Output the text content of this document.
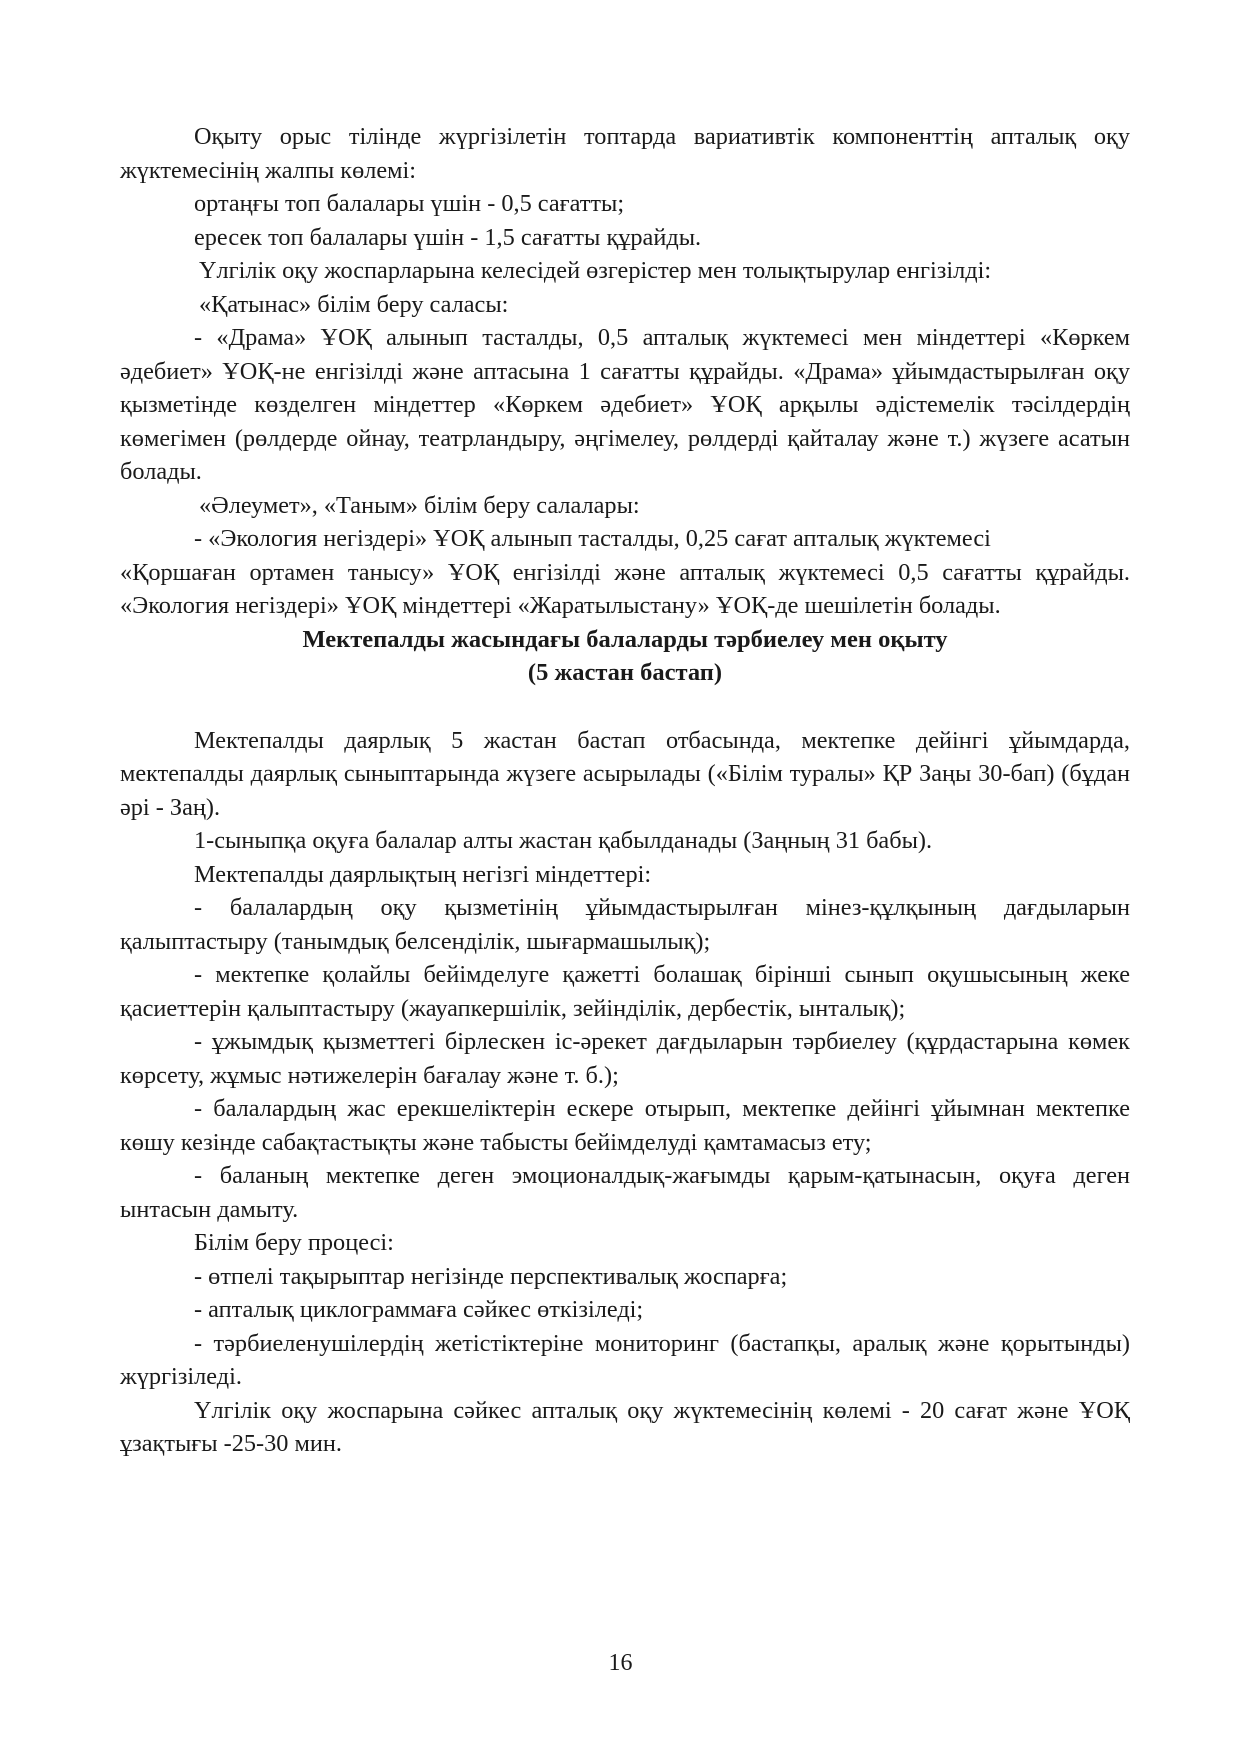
Оқыту орыс тілінде жүргізілетін топтарда вариативтік компоненттің апталық оқу жүктемесінің жалпы көлемі:

ортаңғы топ балалары үшін - 0,5 сағатты;

ересек топ балалары үшін - 1,5 сағатты құрайды.

Үлгілік оқу жоспарларына келесідей өзгерістер мен толықтырулар енгізілді:

«Қатынас» білім беру саласы:

- «Драма» ҰОҚ алынып тасталды, 0,5 апталық жүктемесі мен міндеттері «Көркем әдебиет» ҰОҚ-не енгізілді және аптасына 1 сағатты құрайды. «Драма» ұйымдастырылған оқу қызметінде көзделген міндеттер «Көркем әдебиет» ҰОҚ арқылы әдістемелік тәсілдердің көмегімен (рөлдерде ойнау, театрландыру, әңгімелеу, рөлдерді қайталау және т.) жүзеге асатын болады.

«Әлеумет», «Таным» білім беру салалары:

- «Экология негіздері» ҰОҚ алынып тасталды, 0,25 сағат апталық жүктемесі

«Қоршаған ортамен танысу» ҰОҚ енгізілді және апталық жүктемесі 0,5 сағатты құрайды. «Экология негіздері» ҰОҚ міндеттері «Жаратылыстану» ҰОҚ-де шешілетін болады.

Мектепалды жасындағы балаларды тәрбиелеу мен оқыту

(5 жастан бастап)

Мектепалды даярлық 5 жастан бастап отбасында, мектепке дейінгі ұйымдарда, мектепалды даярлық сыныптарында жүзеге асырылады («Білім туралы» ҚР Заңы 30-бап) (бұдан әрі - Заң).

1-сыныпқа оқуға балалар алты жастан қабылданады (Заңның 31 бабы).

Мектепалды даярлықтың негізгі міндеттері:

- балалардың оқу қызметінің ұйымдастырылған мінез-құлқының дағдыларын қалыптастыру (танымдық белсенділік, шығармашылық);

- мектепке қолайлы бейімделуге қажетті болашақ бірінші сынып оқушысының жеке қасиеттерін қалыптастыру (жауапкершілік, зейінділік, дербестік, ынталық);

- ұжымдық қызметтегі бірлескен іс-әрекет дағдыларын тәрбиелеу (құрдастарына көмек көрсету, жұмыс нәтижелерін бағалау және т. б.);

- балалардың жас ерекшеліктерін ескере отырып, мектепке дейінгі ұйымнан мектепке көшу кезінде сабақтастықты және табысты бейімделуді қамтамасыз ету;

- баланың мектепке деген эмоционалдық-жағымды қарым-қатынасын, оқуға деген ынтасын дамыту.

Білім беру процесі:

- өтпелі тақырыптар негізінде перспективалық жоспарға;

- апталық циклограммаға сәйкес өткізіледі;

- тәрбиеленушілердің жетістіктеріне мониторинг (бастапқы, аралық және қорытынды) жүргізіледі.

Үлгілік оқу жоспарына сәйкес апталық оқу жүктемесінің көлемі - 20 сағат және ҰОҚ ұзақтығы -25-30 мин.

16
